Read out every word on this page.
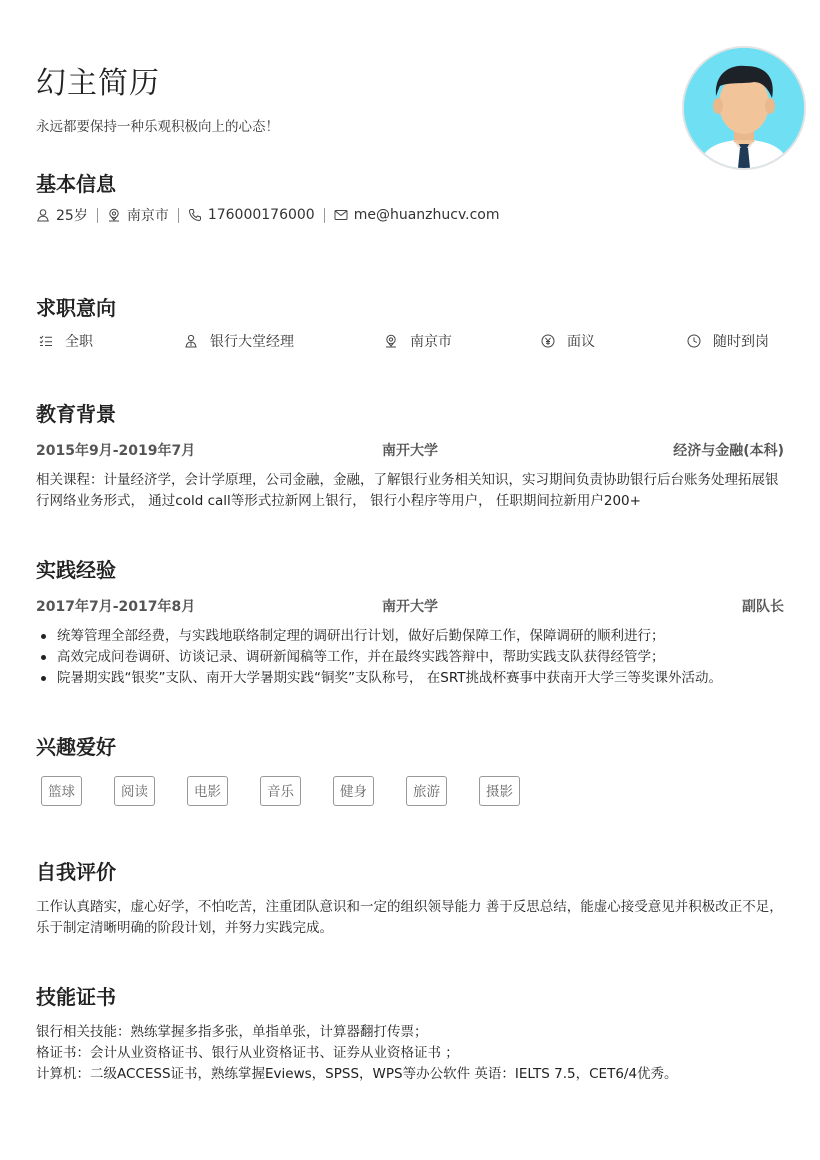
幻主简历
永远都要保持一种乐观积极向上的心态！
基本信息
25岁	南京市	176000176000	me@huanzhucv.com
求职意向
全职	银行大堂经理	南京市	面议	随时到岗
教育背景
2015年9月-2019年7月	南开大学	经济与金融(本科)
相关课程：计量经济学，会计学原理，公司金融，金融，了解银行业务相关知识，实习期间负责协助银行后台账务处理拓展银行网络业务形式， 通过cold call等形式拉新网上银行， 银行小程序等用户， 任职期间拉新用户200+
实践经验
2017年7月-2017年8月	南开大学	副队长
统筹管理全部经费，与实践地联络制定理的调研出行计划，做好后勤保障工作，保障调研的顺利进行；
高效完成问卷调研、访谈记录、调研新闻稿等工作，并在最终实践答辩中，帮助实践支队获得经管学；
院暑期实践“银奖”支队、南开大学暑期实践“铜奖”支队称号， 在SRT挑战杯赛事中获南开大学三等奖课外活动。
兴趣爱好
篮球	阅读	电影	音乐	健身	旅游	摄影
自我评价
工作认真踏实，虚心好学，不怕吃苦，注重团队意识和一定的组织领导能力 善于反思总结，能虚心接受意见并积极改正不足，乐于制定清晰明确的阶段计划，并努力实践完成。
技能证书
银行相关技能：熟练掌握多指多张，单指单张，计算器翻打传票；
格证书：会计从业资格证书、银行从业资格证书、证券从业资格证书 ；
计算机：二级ACCESS证书，熟练掌握Eviews，SPSS，WPS等办公软件 英语：IELTS 7.5，CET6/4优秀。
